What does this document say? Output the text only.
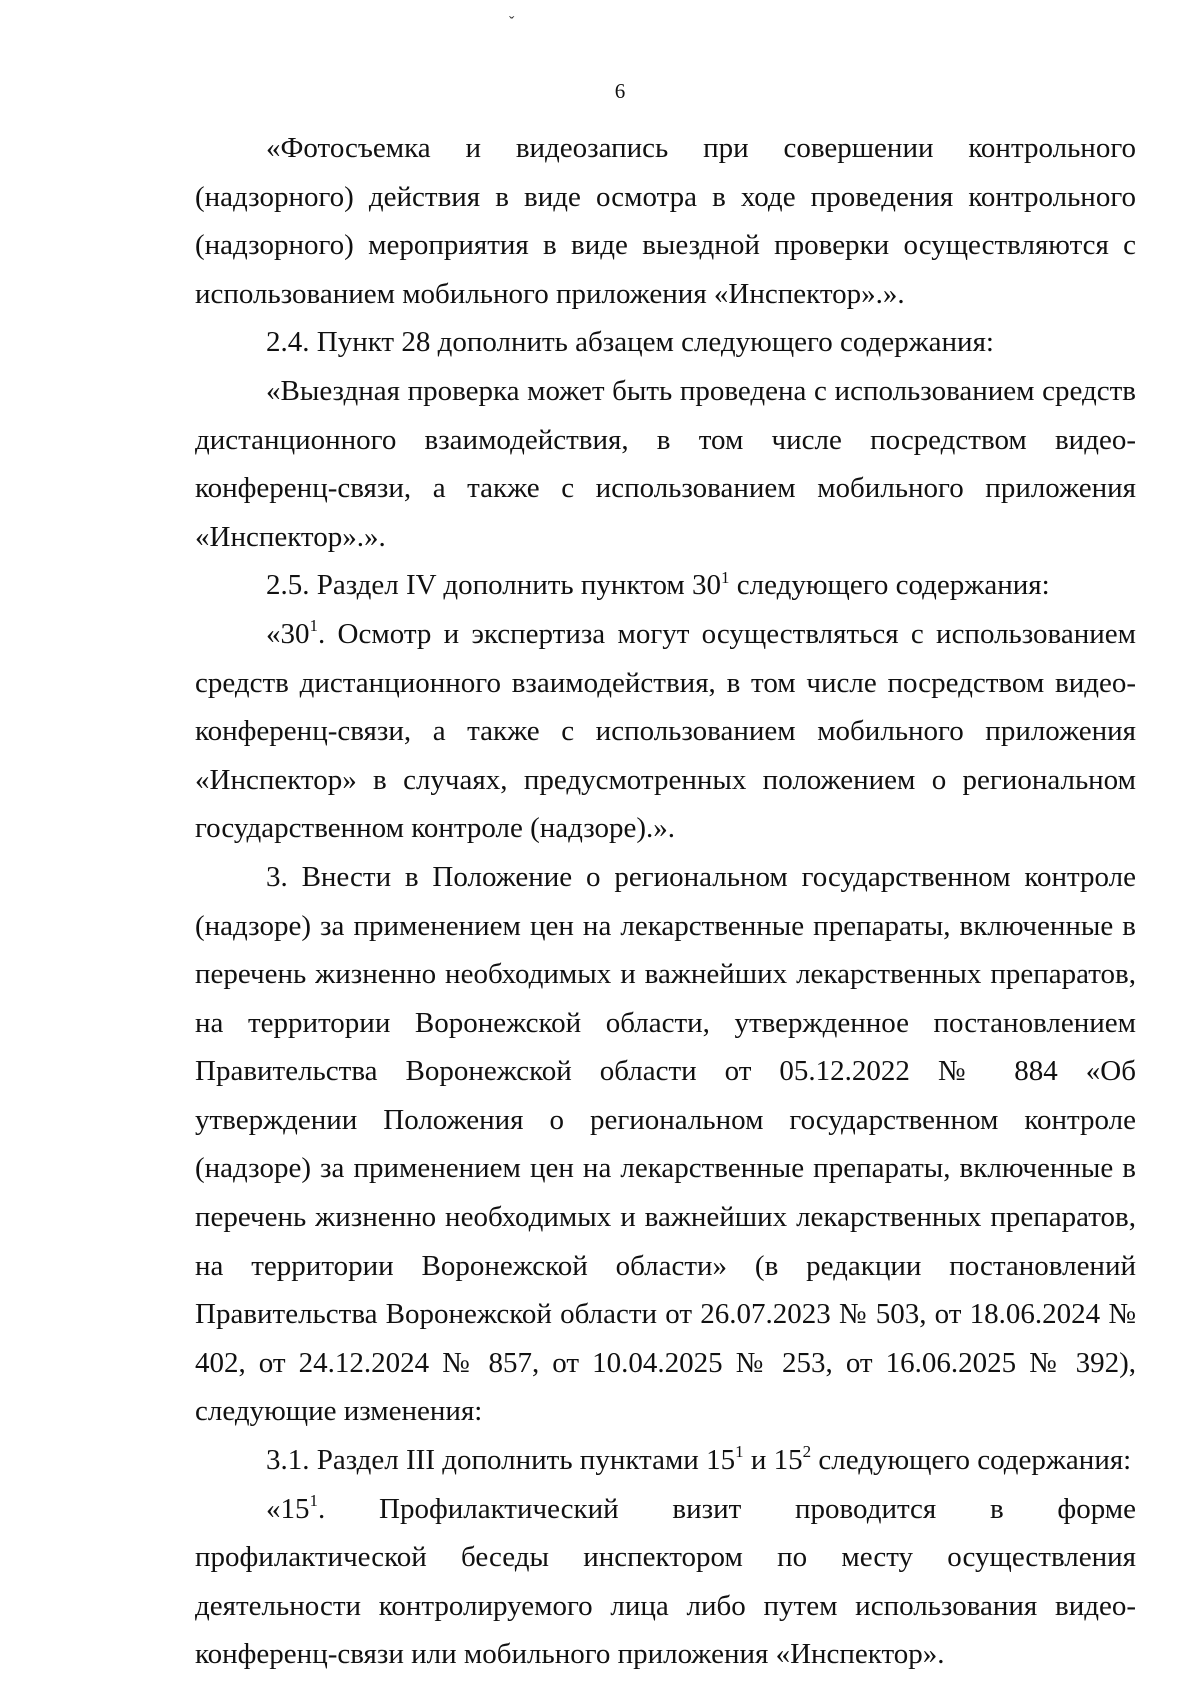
ˇ
6

«Фотосъемка и видеозапись при совершении контрольного (надзорного) действия в виде осмотра в ходе проведения контрольного (надзорного) мероприятия в виде выездной проверки осуществляются с использованием мобильного приложения «Инспектор».».

2.4. Пункт 28 дополнить абзацем следующего содержания:

«Выездная проверка может быть проведена с использованием средств дистанционного взаимодействия, в том числе посредством видео-конференц-связи, а также с использованием мобильного приложения «Инспектор».».

2.5. Раздел IV дополнить пунктом $30^1$ следующего содержания:

«$30^1$. Осмотр и экспертиза могут осуществляться с использованием средств дистанционного взаимодействия, в том числе посредством видео-конференц-связи, а также с использованием мобильного приложения «Инспектор» в случаях, предусмотренных положением о региональном государственном контроле (надзоре).».

3. Внести в Положение о региональном государственном контроле (надзоре) за применением цен на лекарственные препараты, включенные в перечень жизненно необходимых и важнейших лекарственных препаратов, на территории Воронежской области, утвержденное постановлением Правительства Воронежской области от 05.12.2022 № 884 «Об утверждении Положения о региональном государственном контроле (надзоре) за применением цен на лекарственные препараты, включенные в перечень жизненно необходимых и важнейших лекарственных препаратов, на территории Воронежской области» (в редакции постановлений Правительства Воронежской области от 26.07.2023 № 503, от 18.06.2024 № 402, от 24.12.2024 № 857, от 10.04.2025 № 253, от 16.06.2025 № 392), следующие изменения:

3.1. Раздел III дополнить пунктами $15^1$ и $15^2$ следующего содержания:

«$15^1$. Профилактический визит проводится в форме профилактической беседы инспектором по месту осуществления деятельности контролируемого лица либо путем использования видео-конференц-связи или мобильного приложения «Инспектор».
